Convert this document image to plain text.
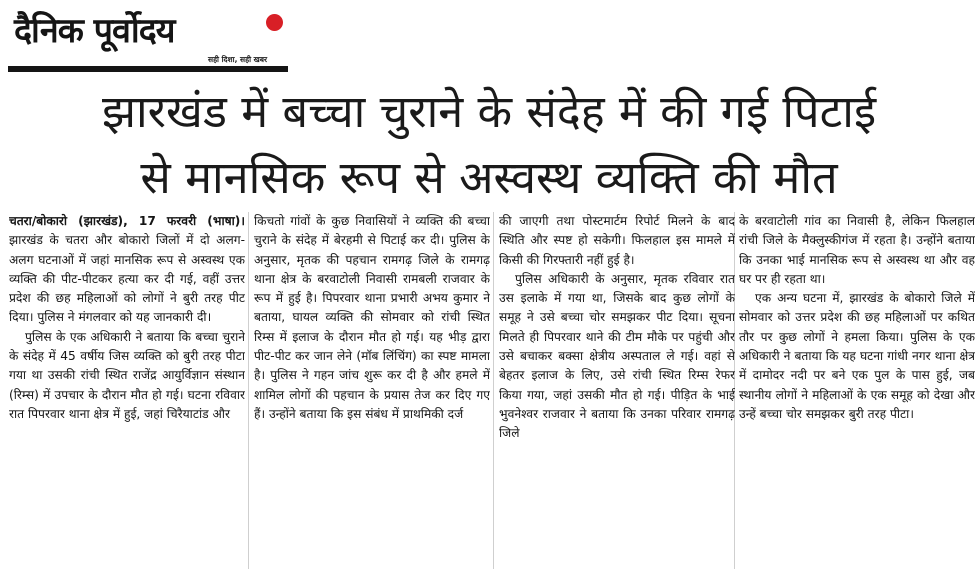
दैनिक पूर्वोदय
सही दिशा, सही खबर
झारखंड में बच्चा चुराने के संदेह में की गई पिटाई
से मानसिक रूप से अस्वस्थ व्यक्ति की मौत

चतरा/बोकारो (झारखंड), 17 फरवरी (भाषा)। झारखंड के चतरा और बोकारो जिलों में दो अलग-अलग घटनाओं में जहां मानसिक रूप से अस्वस्थ एक व्यक्ति की पीट-पीटकर हत्या कर दी गई, वहीं उत्तर प्रदेश की छह महिलाओं को लोगों ने बुरी तरह पीट दिया। पुलिस ने मंगलवार को यह जानकारी दी।

पुलिस के एक अधिकारी ने बताया कि बच्चा चुराने के संदेह में 45 वर्षीय जिस व्यक्ति को बुरी तरह पीटा गया था उसकी रांची स्थित राजेंद्र आयुर्विज्ञान संस्थान (रिम्स) में उपचार के दौरान मौत हो गई। घटना रविवार रात पिपरवार थाना क्षेत्र में हुई, जहां चिरैयाटांड और

किचतो गांवों के कुछ निवासियों ने व्यक्ति की बच्चा चुराने के संदेह में बेरहमी से पिटाई कर दी। पुलिस के अनुसार, मृतक की पहचान रामगढ़ जिले के रामगढ़ थाना क्षेत्र के बरवाटोली निवासी रामबली राजवार के रूप में हुई है। पिपरवार थाना प्रभारी अभय कुमार ने बताया, घायल व्यक्ति की सोमवार को रांची स्थित रिम्स में इलाज के दौरान मौत हो गई। यह भीड़ द्वारा पीट-पीट कर जान लेने (मॉब लिंचिंग) का स्पष्ट मामला है। पुलिस ने गहन जांच शुरू कर दी है और हमले में शामिल लोगों की पहचान के प्रयास तेज कर दिए गए हैं। उन्होंने बताया कि इस संबंध में प्राथमिकी दर्ज

की जाएगी तथा पोस्टमार्टम रिपोर्ट मिलने के बाद स्थिति और स्पष्ट हो सकेगी। फिलहाल इस मामले में किसी की गिरफ्तारी नहीं हुई है।

पुलिस अधिकारी के अनुसार, मृतक रविवार रात उस इलाके में गया था, जिसके बाद कुछ लोगों के समूह ने उसे बच्चा चोर समझकर पीट दिया। सूचना मिलते ही पिपरवार थाने की टीम मौके पर पहुंची और उसे बचाकर बक्सा क्षेत्रीय अस्पताल ले गई। वहां से बेहतर इलाज के लिए, उसे रांची स्थित रिम्स रेफर किया गया, जहां उसकी मौत हो गई। पीड़ित के भाई भुवनेश्वर राजवार ने बताया कि उनका परिवार रामगढ़ जिले

के बरवाटोली गांव का निवासी है, लेकिन फिलहाल रांची जिले के मैक्लुस्कीगंज में रहता है। उन्होंने बताया कि उनका भाई मानसिक रूप से अस्वस्थ था और वह घर पर ही रहता था।

एक अन्य घटना में, झारखंड के बोकारो जिले में सोमवार को उत्तर प्रदेश की छह महिलाओं पर कथित तौर पर कुछ लोगों ने हमला किया। पुलिस के एक अधिकारी ने बताया कि यह घटना गांधी नगर थाना क्षेत्र में दामोदर नदी पर बने एक पुल के पास हुई, जब स्थानीय लोगों ने महिलाओं के एक समूह को देखा और उन्हें बच्चा चोर समझकर बुरी तरह पीटा।
